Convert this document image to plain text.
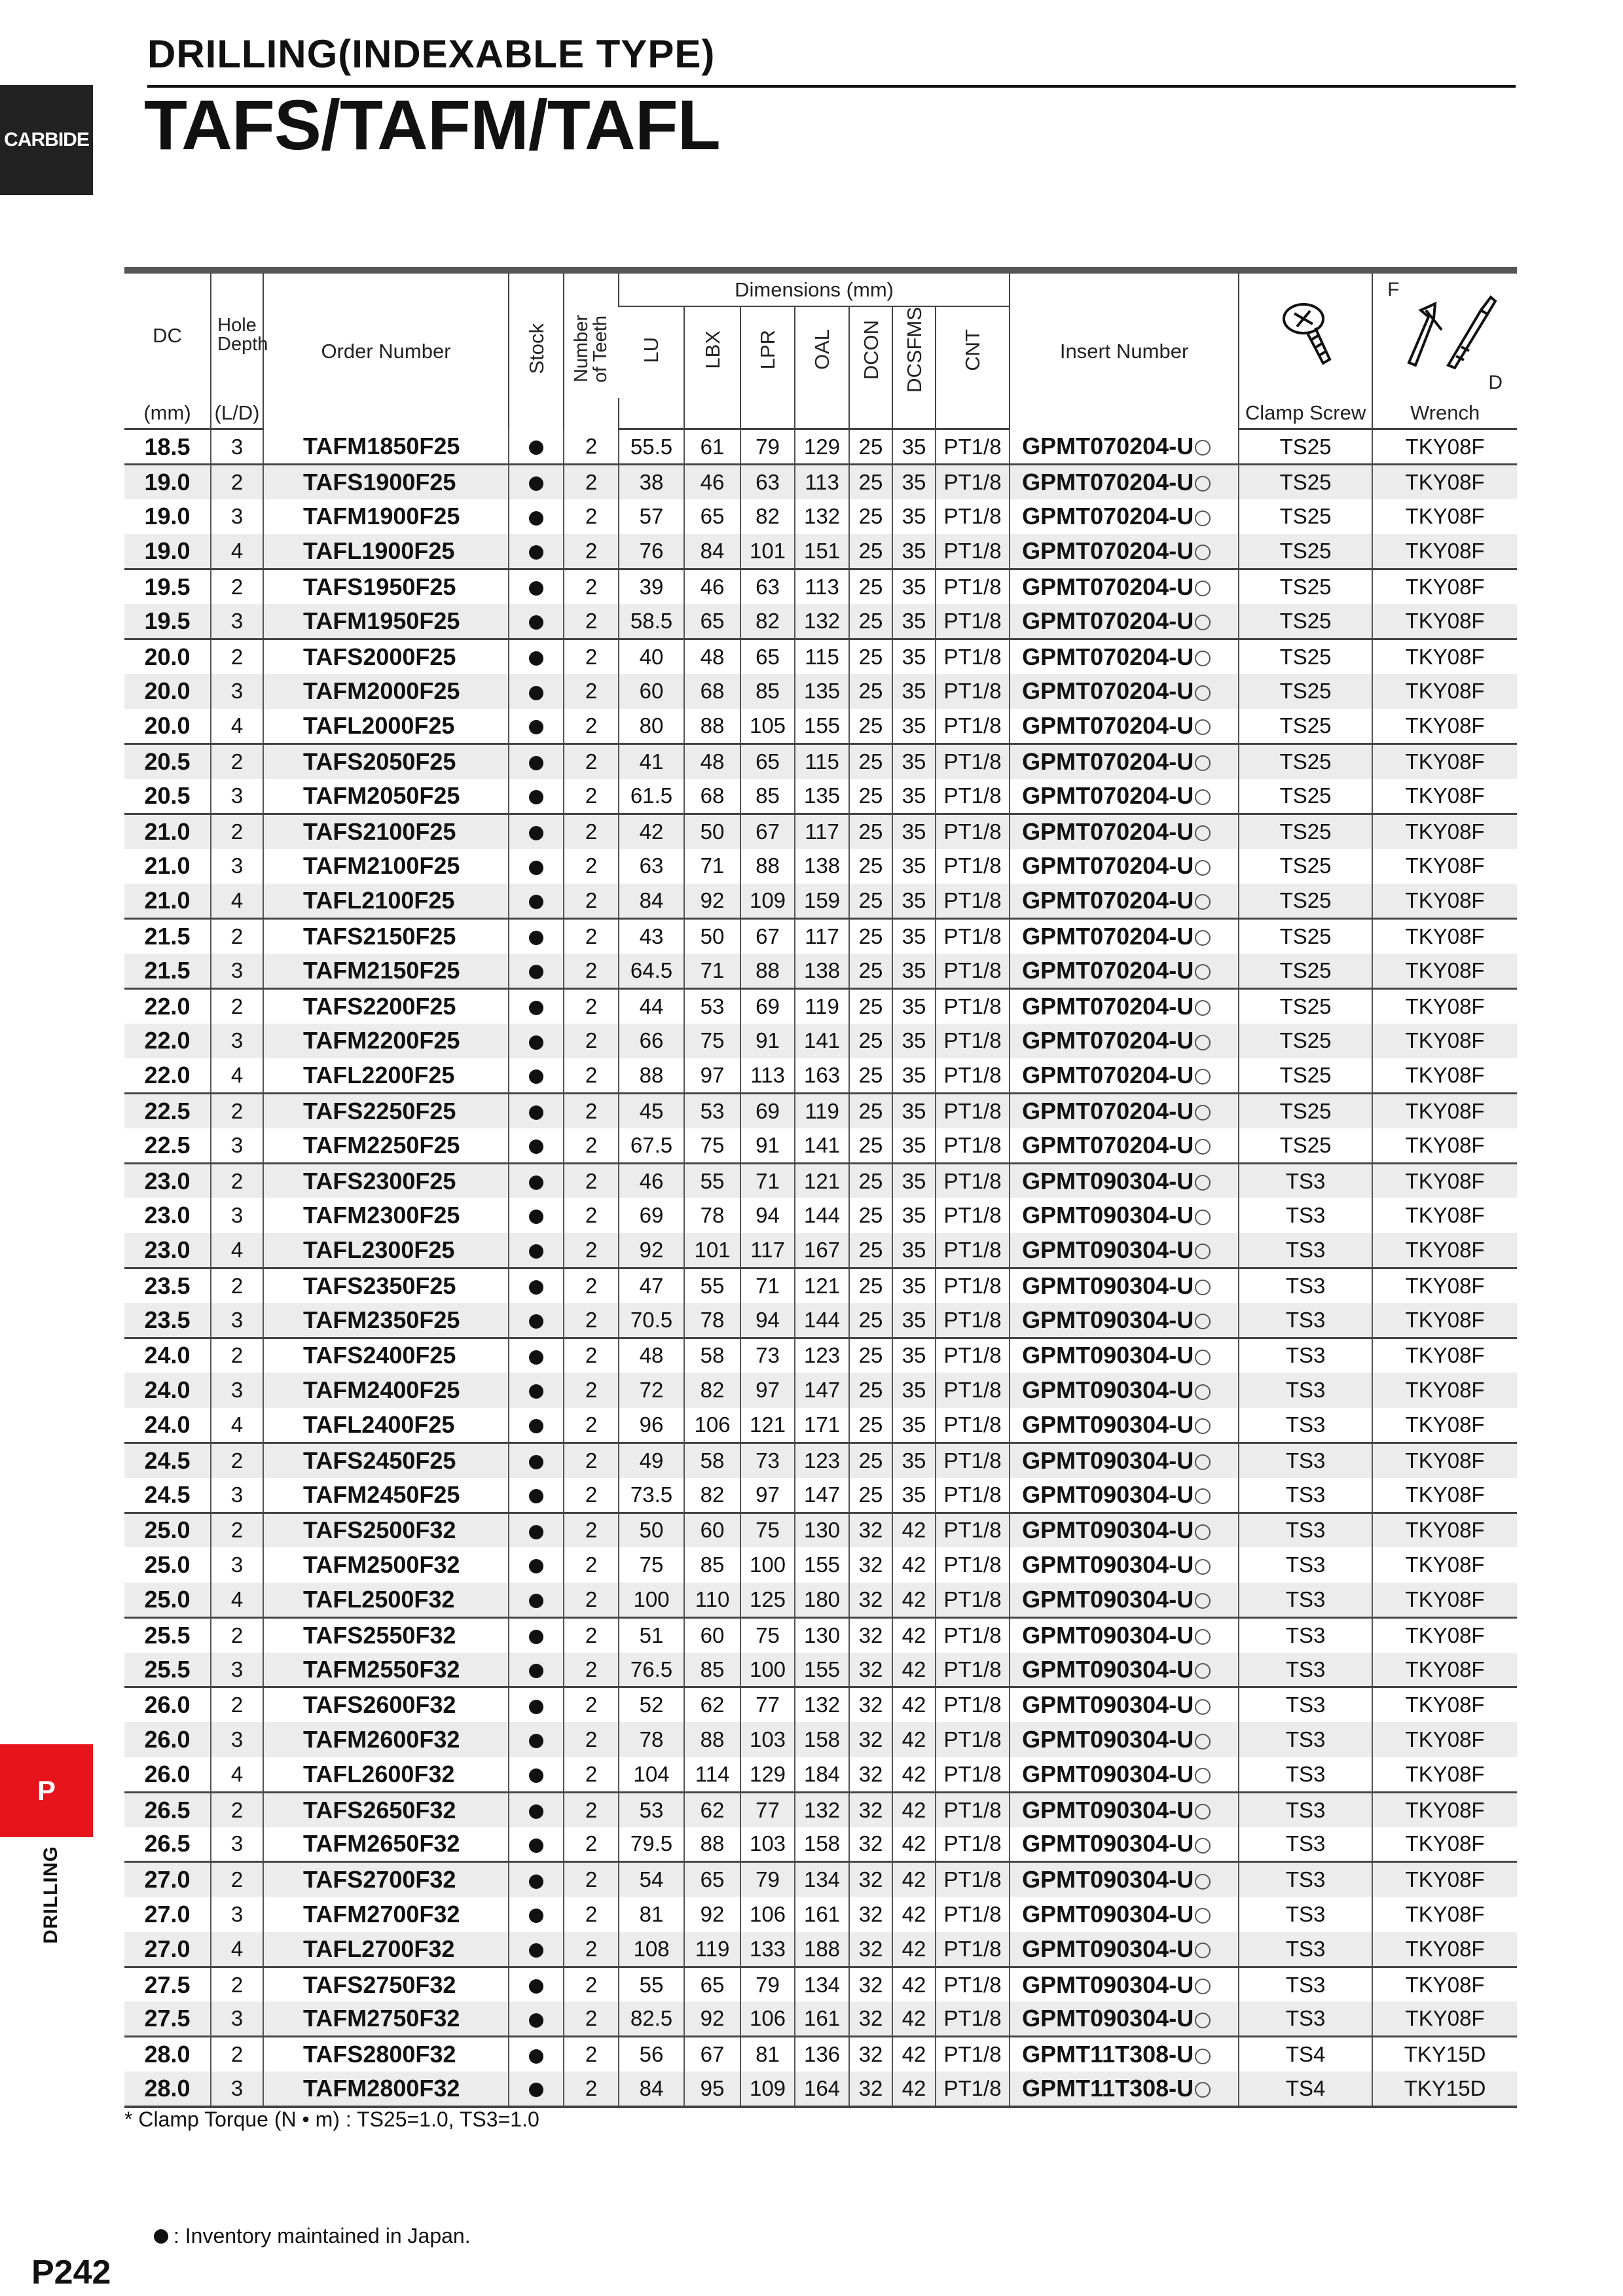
CARBIDE
P
DRILLING
DRILLING(INDEXABLE TYPE)
TAFS/TAFM/TAFL
DC	Hole Depth	Order Number	Stock	Numberof Teeth	Dimensions (mm)							Insert Number		F
D

					LU	LBX	LPR	OAL	DCON	DCSFMS	CNT			
(mm)	(L/D)												Clamp Screw	Wrench
18.5	3	TAFM1850F25		2	55.5	61	79	129	25	35	PT1/8	GPMT070204-U	TS25	TKY08F
19.0	2	TAFS1900F25		2	38	46	63	113	25	35	PT1/8	GPMT070204-U	TS25	TKY08F
19.0	3	TAFM1900F25		2	57	65	82	132	25	35	PT1/8	GPMT070204-U	TS25	TKY08F
19.0	4	TAFL1900F25		2	76	84	101	151	25	35	PT1/8	GPMT070204-U	TS25	TKY08F
19.5	2	TAFS1950F25		2	39	46	63	113	25	35	PT1/8	GPMT070204-U	TS25	TKY08F
19.5	3	TAFM1950F25		2	58.5	65	82	132	25	35	PT1/8	GPMT070204-U	TS25	TKY08F
20.0	2	TAFS2000F25		2	40	48	65	115	25	35	PT1/8	GPMT070204-U	TS25	TKY08F
20.0	3	TAFM2000F25		2	60	68	85	135	25	35	PT1/8	GPMT070204-U	TS25	TKY08F
20.0	4	TAFL2000F25		2	80	88	105	155	25	35	PT1/8	GPMT070204-U	TS25	TKY08F
20.5	2	TAFS2050F25		2	41	48	65	115	25	35	PT1/8	GPMT070204-U	TS25	TKY08F
20.5	3	TAFM2050F25		2	61.5	68	85	135	25	35	PT1/8	GPMT070204-U	TS25	TKY08F
21.0	2	TAFS2100F25		2	42	50	67	117	25	35	PT1/8	GPMT070204-U	TS25	TKY08F
21.0	3	TAFM2100F25		2	63	71	88	138	25	35	PT1/8	GPMT070204-U	TS25	TKY08F
21.0	4	TAFL2100F25		2	84	92	109	159	25	35	PT1/8	GPMT070204-U	TS25	TKY08F
21.5	2	TAFS2150F25		2	43	50	67	117	25	35	PT1/8	GPMT070204-U	TS25	TKY08F
21.5	3	TAFM2150F25		2	64.5	71	88	138	25	35	PT1/8	GPMT070204-U	TS25	TKY08F
22.0	2	TAFS2200F25		2	44	53	69	119	25	35	PT1/8	GPMT070204-U	TS25	TKY08F
22.0	3	TAFM2200F25		2	66	75	91	141	25	35	PT1/8	GPMT070204-U	TS25	TKY08F
22.0	4	TAFL2200F25		2	88	97	113	163	25	35	PT1/8	GPMT070204-U	TS25	TKY08F
22.5	2	TAFS2250F25		2	45	53	69	119	25	35	PT1/8	GPMT070204-U	TS25	TKY08F
22.5	3	TAFM2250F25		2	67.5	75	91	141	25	35	PT1/8	GPMT070204-U	TS25	TKY08F
23.0	2	TAFS2300F25		2	46	55	71	121	25	35	PT1/8	GPMT090304-U	TS3	TKY08F
23.0	3	TAFM2300F25		2	69	78	94	144	25	35	PT1/8	GPMT090304-U	TS3	TKY08F
23.0	4	TAFL2300F25		2	92	101	117	167	25	35	PT1/8	GPMT090304-U	TS3	TKY08F
23.5	2	TAFS2350F25		2	47	55	71	121	25	35	PT1/8	GPMT090304-U	TS3	TKY08F
23.5	3	TAFM2350F25		2	70.5	78	94	144	25	35	PT1/8	GPMT090304-U	TS3	TKY08F
24.0	2	TAFS2400F25		2	48	58	73	123	25	35	PT1/8	GPMT090304-U	TS3	TKY08F
24.0	3	TAFM2400F25		2	72	82	97	147	25	35	PT1/8	GPMT090304-U	TS3	TKY08F
24.0	4	TAFL2400F25		2	96	106	121	171	25	35	PT1/8	GPMT090304-U	TS3	TKY08F
24.5	2	TAFS2450F25		2	49	58	73	123	25	35	PT1/8	GPMT090304-U	TS3	TKY08F
24.5	3	TAFM2450F25		2	73.5	82	97	147	25	35	PT1/8	GPMT090304-U	TS3	TKY08F
25.0	2	TAFS2500F32		2	50	60	75	130	32	42	PT1/8	GPMT090304-U	TS3	TKY08F
25.0	3	TAFM2500F32		2	75	85	100	155	32	42	PT1/8	GPMT090304-U	TS3	TKY08F
25.0	4	TAFL2500F32		2	100	110	125	180	32	42	PT1/8	GPMT090304-U	TS3	TKY08F
25.5	2	TAFS2550F32		2	51	60	75	130	32	42	PT1/8	GPMT090304-U	TS3	TKY08F
25.5	3	TAFM2550F32		2	76.5	85	100	155	32	42	PT1/8	GPMT090304-U	TS3	TKY08F
26.0	2	TAFS2600F32		2	52	62	77	132	32	42	PT1/8	GPMT090304-U	TS3	TKY08F
26.0	3	TAFM2600F32		2	78	88	103	158	32	42	PT1/8	GPMT090304-U	TS3	TKY08F
26.0	4	TAFL2600F32		2	104	114	129	184	32	42	PT1/8	GPMT090304-U	TS3	TKY08F
26.5	2	TAFS2650F32		2	53	62	77	132	32	42	PT1/8	GPMT090304-U	TS3	TKY08F
26.5	3	TAFM2650F32		2	79.5	88	103	158	32	42	PT1/8	GPMT090304-U	TS3	TKY08F
27.0	2	TAFS2700F32		2	54	65	79	134	32	42	PT1/8	GPMT090304-U	TS3	TKY08F
27.0	3	TAFM2700F32		2	81	92	106	161	32	42	PT1/8	GPMT090304-U	TS3	TKY08F
27.0	4	TAFL2700F32		2	108	119	133	188	32	42	PT1/8	GPMT090304-U	TS3	TKY08F
27.5	2	TAFS2750F32		2	55	65	79	134	32	42	PT1/8	GPMT090304-U	TS3	TKY08F
27.5	3	TAFM2750F32		2	82.5	92	106	161	32	42	PT1/8	GPMT090304-U	TS3	TKY08F
28.0	2	TAFS2800F32		2	56	67	81	136	32	42	PT1/8	GPMT11T308-U	TS4	TKY15D
28.0	3	TAFM2800F32		2	84	95	109	164	32	42	PT1/8	GPMT11T308-U	TS4	TKY15D
* Clamp Torque (N • m) : TS25=1.0, TS3=1.0
: Inventory maintained in Japan.
P242
